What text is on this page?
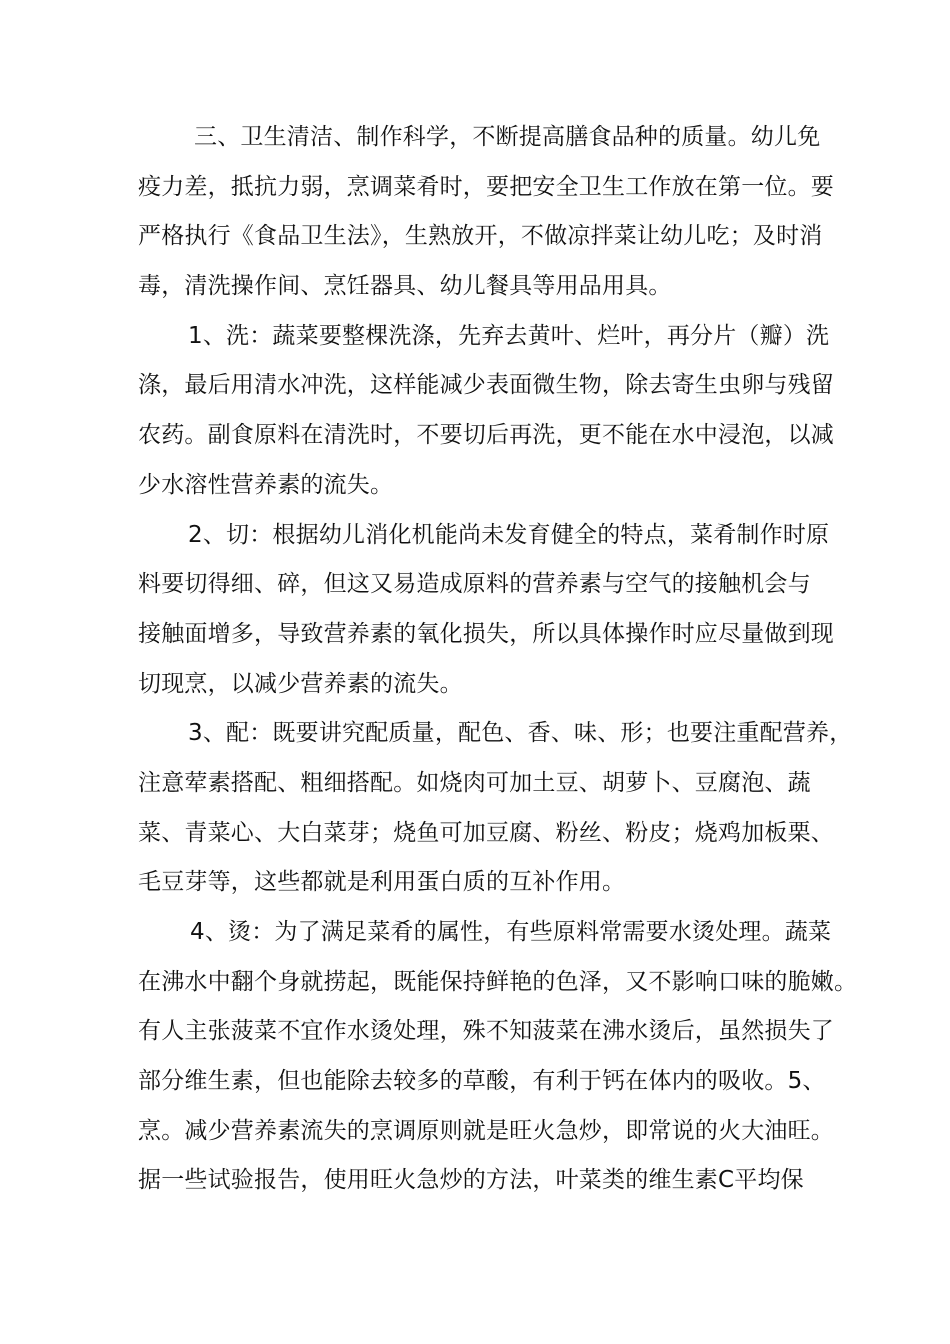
三、卫生清洁、制作科学，不断提高膳食品种的质量。幼儿免
疫力差，抵抗力弱，烹调菜肴时，要把安全卫生工作放在第一位。要
严格执行《食品卫生法》，生熟放开，不做凉拌菜让幼儿吃；及时消
毒，清洗操作间、烹饪器具、幼儿餐具等用品用具。
1、洗：蔬菜要整棵洗涤，先弃去黄叶、烂叶，再分片（瓣）洗
涤，最后用清水冲洗，这样能减少表面微生物，除去寄生虫卵与残留
农药。副食原料在清洗时，不要切后再洗，更不能在水中浸泡，以减
少水溶性营养素的流失。
2、切：根据幼儿消化机能尚未发育健全的特点，菜肴制作时原
料要切得细、碎，但这又易造成原料的营养素与空气的接触机会与
接触面增多，导致营养素的氧化损失，所以具体操作时应尽量做到现
切现烹，以减少营养素的流失。
3、配：既要讲究配质量，配色、香、味、形；也要注重配营养，
注意荤素搭配、粗细搭配。如烧肉可加土豆、胡萝卜、豆腐泡、蔬
菜、青菜心、大白菜芽；烧鱼可加豆腐、粉丝、粉皮；烧鸡加板栗、
毛豆芽等，这些都就是利用蛋白质的互补作用。
4、烫：为了满足菜肴的属性，有些原料常需要水烫处理。蔬菜
在沸水中翻个身就捞起，既能保持鲜艳的色泽，又不影响口味的脆嫩。
有人主张菠菜不宜作水烫处理，殊不知菠菜在沸水烫后，虽然损失了
部分维生素，但也能除去较多的草酸，有利于钙在体内的吸收。5、
烹。减少营养素流失的烹调原则就是旺火急炒，即常说的火大油旺。
据一些试验报告，使用旺火急炒的方法，叶菜类的维生素C平均保
